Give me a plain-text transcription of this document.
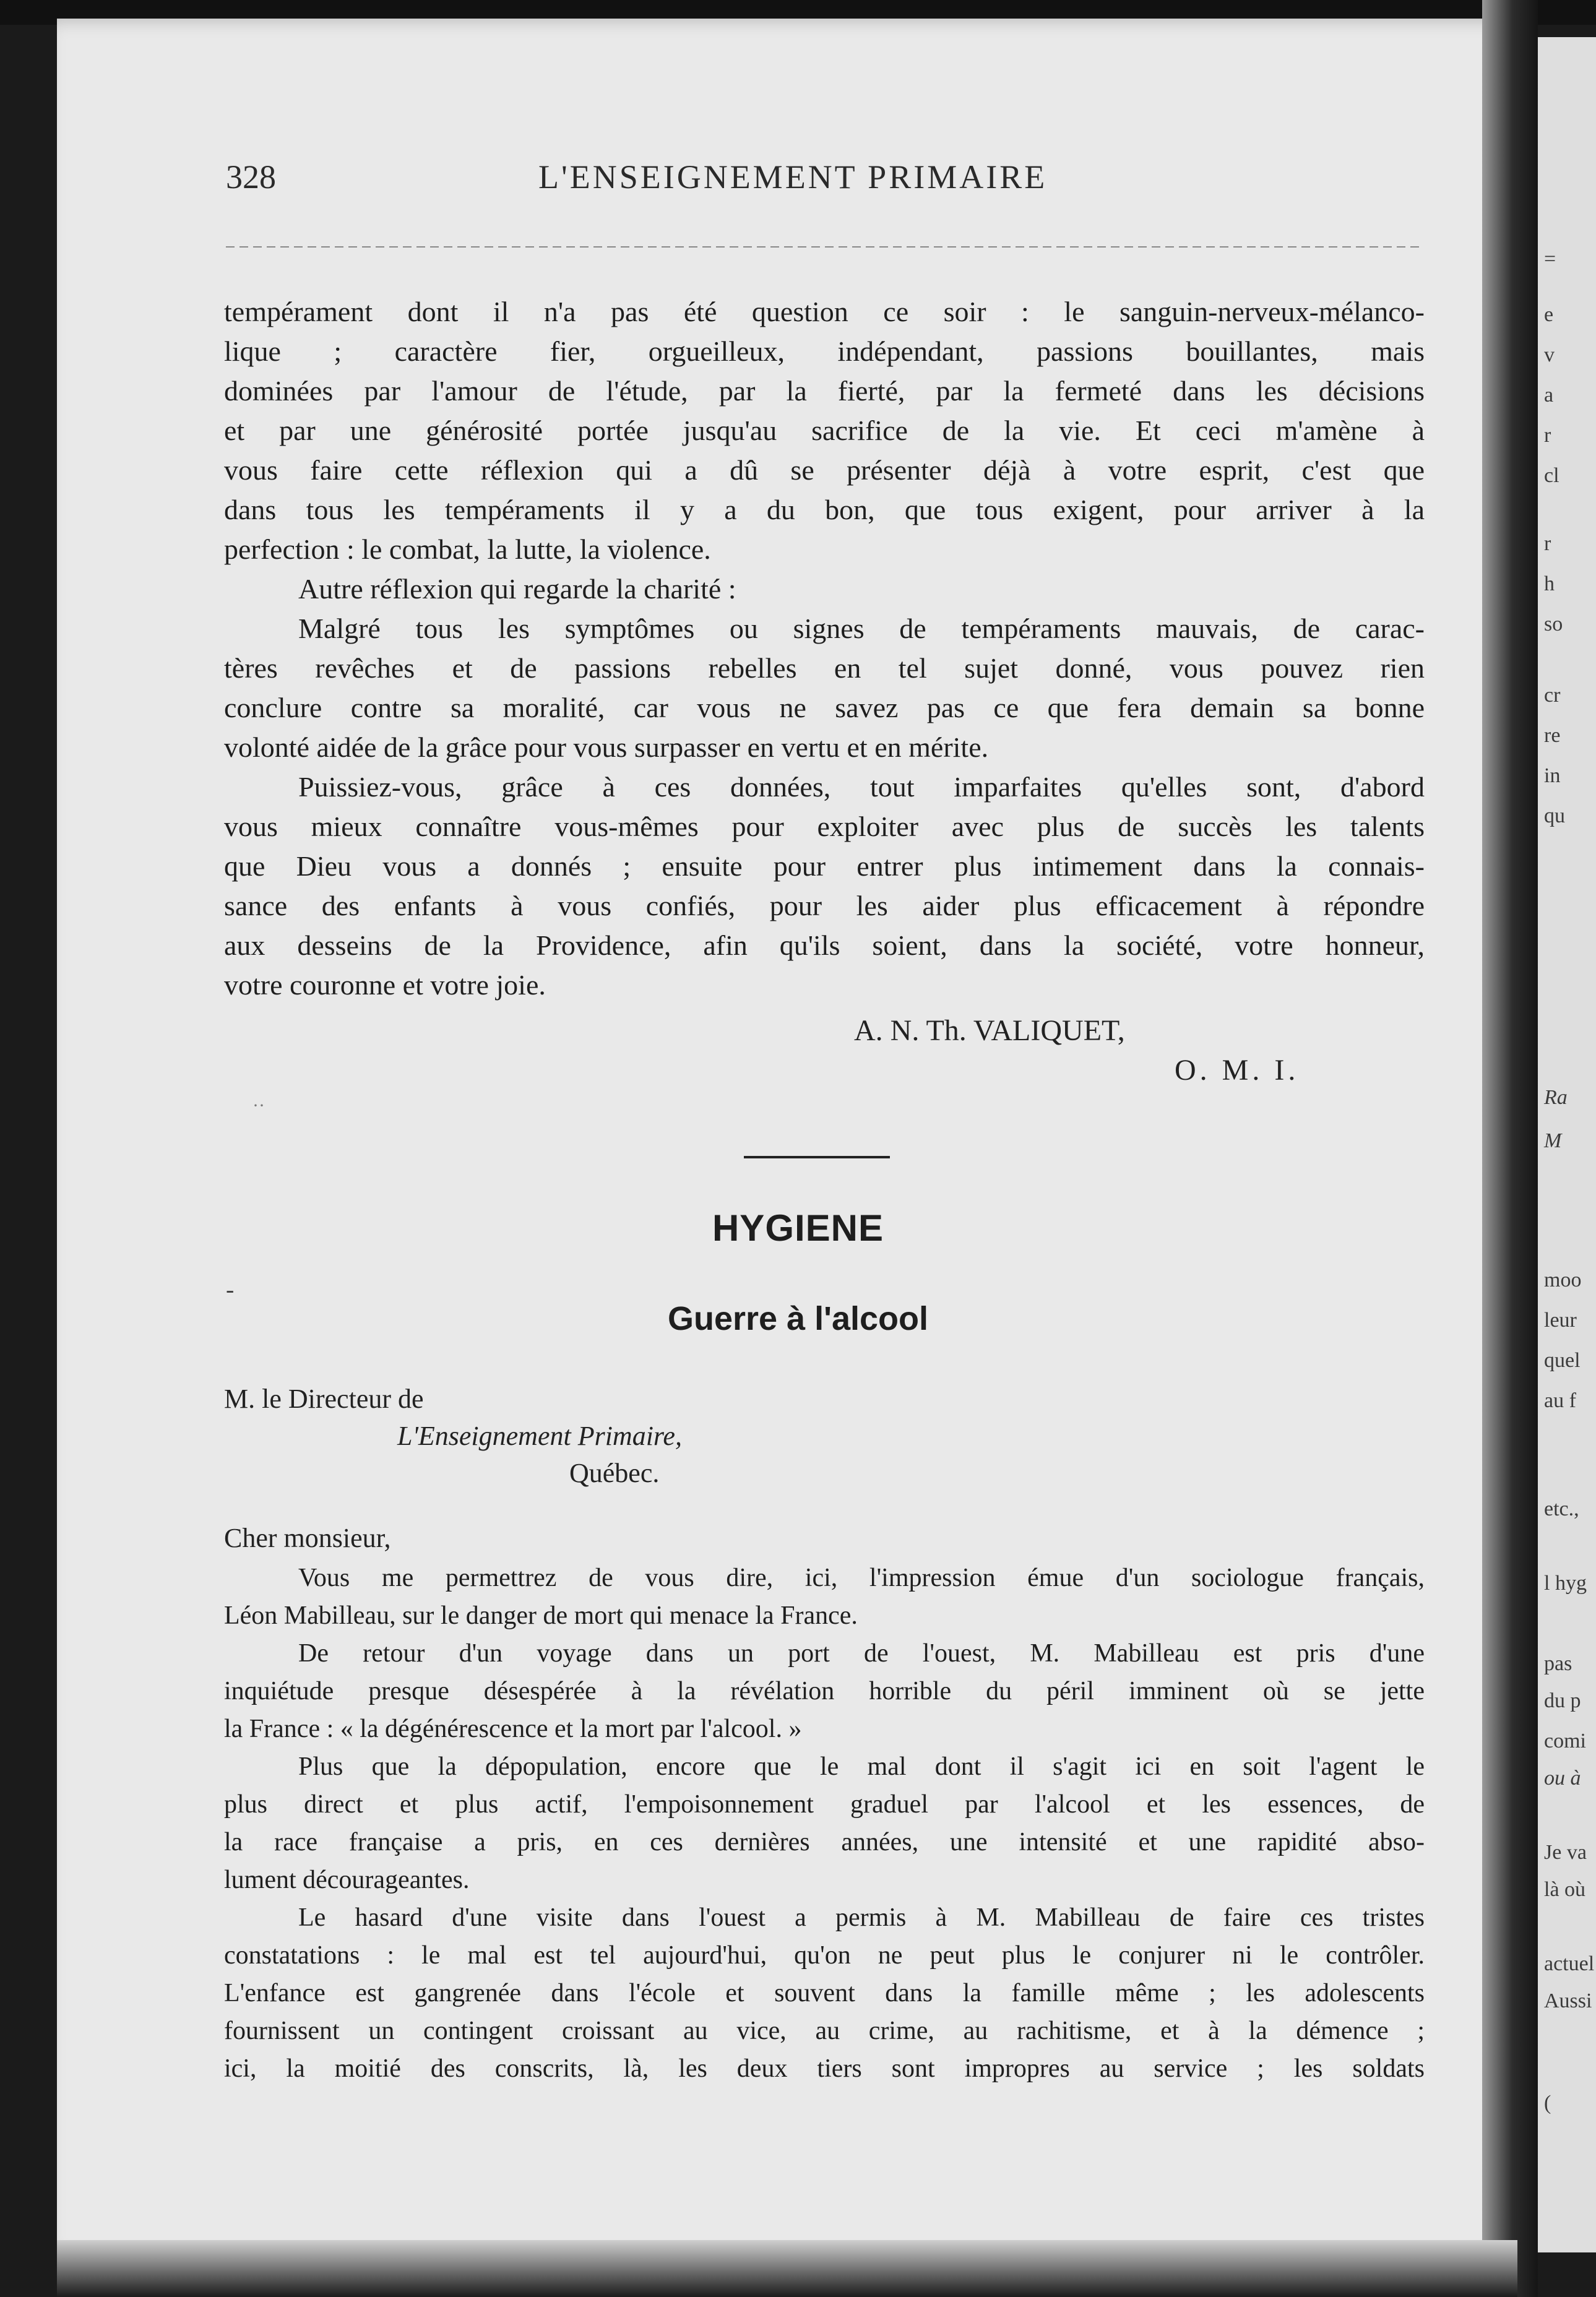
=
e
v
a
r
cl
r
h
so
cr
re
in
qu
Ra
M
moo
leur
quel
au f
etc.,
l hyg
pas
du p
comi
ou à
Je va
là où
actuel
Aussi
(
328	L'ENSEIGNEMENT PRIMAIRE
tempérament dont il n'a pas été question ce soir : le sanguin-nerveux-mélanco-
lique ; caractère fier, orgueilleux, indépendant, passions bouillantes, mais
dominées par l'amour de l'étude, par la fierté, par la fermeté dans les décisions
et par une générosité portée jusqu'au sacrifice de la vie. Et ceci m'amène à
vous faire cette réflexion qui a dû se présenter déjà à votre esprit, c'est que
dans tous les tempéraments il y a du bon, que tous exigent, pour arriver à la
perfection : le combat, la lutte, la violence.
Autre réflexion qui regarde la charité :
Malgré tous les symptômes ou signes de tempéraments mauvais, de carac-
tères revêches et de passions rebelles en tel sujet donné, vous pouvez rien
conclure contre sa moralité, car vous ne savez pas ce que fera demain sa bonne
volonté aidée de la grâce pour vous surpasser en vertu et en mérite.
Puissiez-vous, grâce à ces données, tout imparfaites qu'elles sont, d'abord
vous mieux connaître vous-mêmes pour exploiter avec plus de succès les talents
que Dieu vous a donnés ; ensuite pour entrer plus intimement dans la connais-
sance des enfants à vous confiés, pour les aider plus efficacement à répondre
aux desseins de la Providence, afin qu'ils soient, dans la société, votre honneur,
votre couronne et votre joie.
A. N. Th. VALIQUET,
O. M. I.
HYGIENE
Guerre à l'alcool
M. le Directeur de
L'Enseignement Primaire,
Québec.
Cher monsieur,
Vous me permettrez de vous dire, ici, l'impression émue d'un sociologue français,
Léon Mabilleau, sur le danger de mort qui menace la France.
De retour d'un voyage dans un port de l'ouest, M. Mabilleau est pris d'une
inquiétude presque désespérée à la révélation horrible du péril imminent où se jette
la France : « la dégénérescence et la mort par l'alcool. »
Plus que la dépopulation, encore que le mal dont il s'agit ici en soit l'agent le
plus direct et plus actif, l'empoisonnement graduel par l'alcool et les essences, de
la race française a pris, en ces dernières années, une intensité et une rapidité abso-
lument décourageantes.
Le hasard d'une visite dans l'ouest a permis à M. Mabilleau de faire ces tristes
constatations : le mal est tel aujourd'hui, qu'on ne peut plus le conjurer ni le contrôler.
L'enfance est gangrenée dans l'école et souvent dans la famille même ; les adolescents
fournissent un contingent croissant au vice, au crime, au rachitisme, et à la démence ;
ici, la moitié des conscrits, là, les deux tiers sont impropres au service ; les soldats
··
-
